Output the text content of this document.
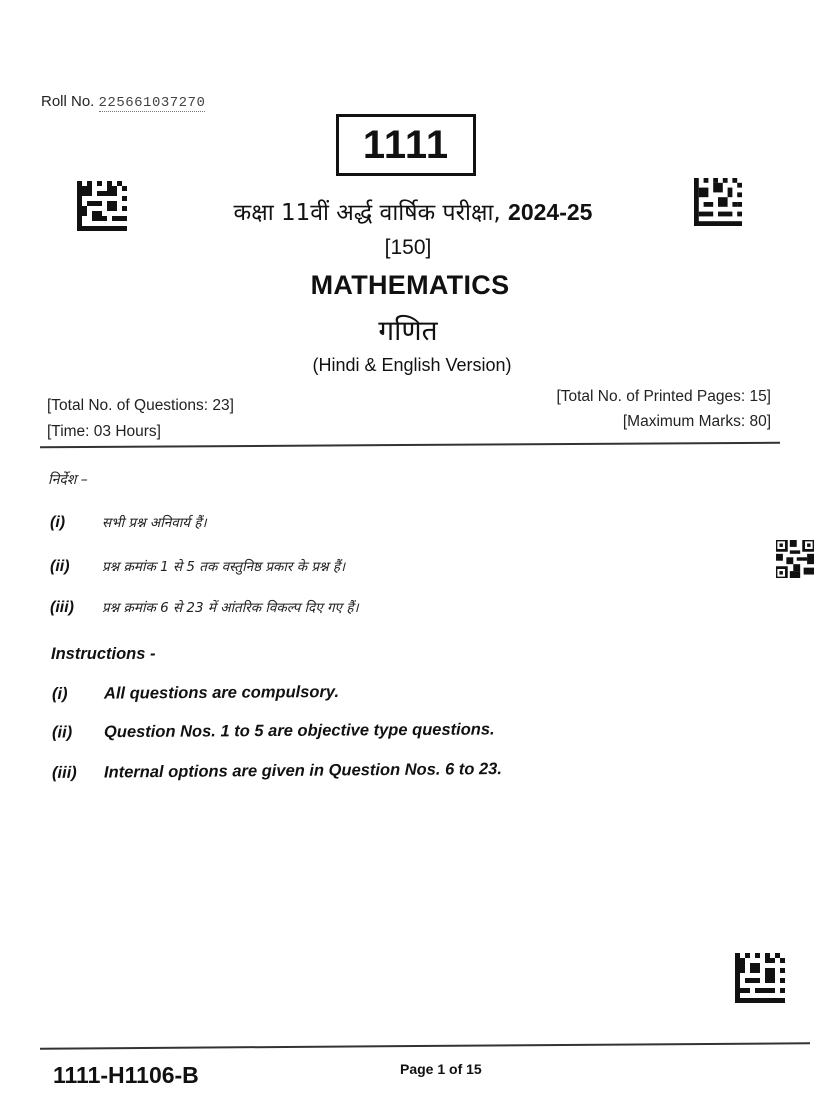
Roll No. 225661037270
1111
कक्षा 11वीं अर्द्ध वार्षिक परीक्षा, 2024-25
[150]
MATHEMATICS
गणित
(Hindi & English Version)
[Total No. of Questions: 23]
[Time: 03 Hours]
[Total No. of Printed Pages: 15]
[Maximum Marks: 80]
निर्देश –
(i)	सभी प्रश्न अनिवार्य हैं।
(ii) प्रश्न क्रमांक 1 से 5 तक वस्तुनिष्ठ प्रकार के प्रश्न हैं।
(iii) प्रश्न क्रमांक 6 से 23 में आंतरिक विकल्प दिए गए हैं।
Instructions -
(i) All questions are compulsory.
(ii) Question Nos. 1 to 5 are objective type questions.
(iii) Internal options are given in Question Nos. 6 to 23.
1111-H1106-B	Page 1 of 15
